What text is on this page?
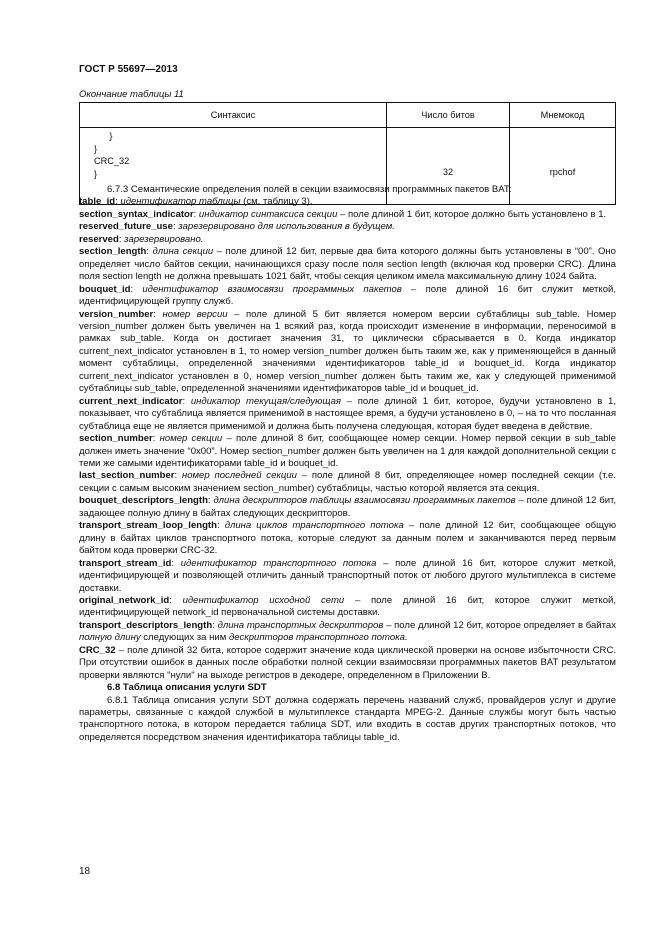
ГОСТ Р 55697—2013
Окончание таблицы 11
Синтаксис	Число битов	Мнемокод

}
}
CRC_32
}	32	rpchof

6.7.3 Семантические определения полей в секции взаимосвязи программных пакетов BAT:

table_id: идентификатор таблицы (см. таблицу 3).

section_syntax_indicator: индикатор синтаксиса секции – поле длиной 1 бит, которое должно быть установлено в 1.

reserved_future_use: зарезервировано для использования в будущем.

reserved: зарезервировано.

section_length: длина секции – поле длиной 12 бит, первые два бита которого должны быть установлены в “00”. Оно определяет число байтов секции, начинающихся сразу после поля section length (включая код проверки CRC). Длина поля section length не должна превышать 1021 байт, чтобы секция целиком имела максимальную длину 1024 байта.

bouquet_id: идентификатор взаимосвязи программных пакетов – поле длиной 16 бит служит меткой, идентифицирующей группу служб.

version_number: номер версии – поле длиной 5 бит является номером версии субтаблицы sub_table. Номер version_number должен быть увеличен на 1 всякий раз, когда происходит изменение в информации, переносимой в рамках sub_table. Когда он достигает значения 31, то циклически сбрасывается в 0. Когда индикатор current_next_indicator установлен в 1, то номер version_number должен быть таким же, как у применяющейся в данный момент субтаблицы, определенной значениями идентификаторов table_id и bouquet_id. Когда индикатор current_next_indicator установлен в 0, номер version_number должен быть таким же, как у следующей применимой субтаблицы sub_table, определенной значениями идентификаторов table_id и bouquet_id.

current_next_indicator: индикатор текущая/следующая – поле длиной 1 бит, которое, будучи установлено в 1, показывает, что субтаблица является применимой в настоящее время, а будучи установлено в 0, – на то что посланная субтаблица еще не является применимой и должна быть получена следующая, которая будет введена в действие.

section_number: номер секции – поле длиной 8 бит, сообщающее номер секции. Номер первой секции в sub_table должен иметь значение “0x00”. Номер section_number должен быть увеличен на 1 для каждой дополнительной секции с теми же самыми идентификаторами table_id и bouquet_id.

last_section_number: номер последней секции – поле длиной 8 бит, определяющее номер последней секции (т.е. секции с самым высоким значением section_number) субтаблицы, частью которой является эта секция.

bouquet_descriptors_length: длина дескрипторов таблицы взаимосвязи программных пакетов – поле длиной 12 бит, задающее полную длину в байтах следующих дескрипторов.

transport_stream_loop_length: длина циклов транспортного потока – поле длиной 12 бит, сообщающее общую длину в байтах циклов транспортного потока, которые следуют за данным полем и заканчиваются перед первым байтом кода проверки CRC-32.

transport_stream_id: идентификатор транспортного потока – поле длиной 16 бит, которое служит меткой, идентифицирующей и позволяющей отличить данный транспортный поток от любого другого мультиплекса в системе доставки.

original_network_id: идентификатор исходной сети – поле длиной 16 бит, которое служит меткой, идентифицирующей network_id первоначальной системы доставки.

transport_descriptors_length: длина транспортных дескрипторов – поле длиной 12 бит, которое определяет в байтах полную длину следующих за ним дескрипторов транспортного потока.

CRC_32 – поле длиной 32 бита, которое содержит значение кода циклической проверки на основе избыточности CRC. При отсутствии ошибок в данных после обработки полной секции взаимосвязи программных пакетов BAT результатом проверки являются "нули" на выходе регистров в декодере, определенном в Приложении B.

6.8 Таблица описания услуги SDT

6.8.1 Таблица описания услуги SDT должна содержать перечень названий служб, провайдеров услуг и другие параметры, связанные с каждой службой в мультиплексе стандарта MPEG-2. Данные службы могут быть частью транспортного потока, в котором передается таблица SDT, или входить в состав других транспортных потоков, что определяется посредством значения идентификатора таблицы table_id.

18
